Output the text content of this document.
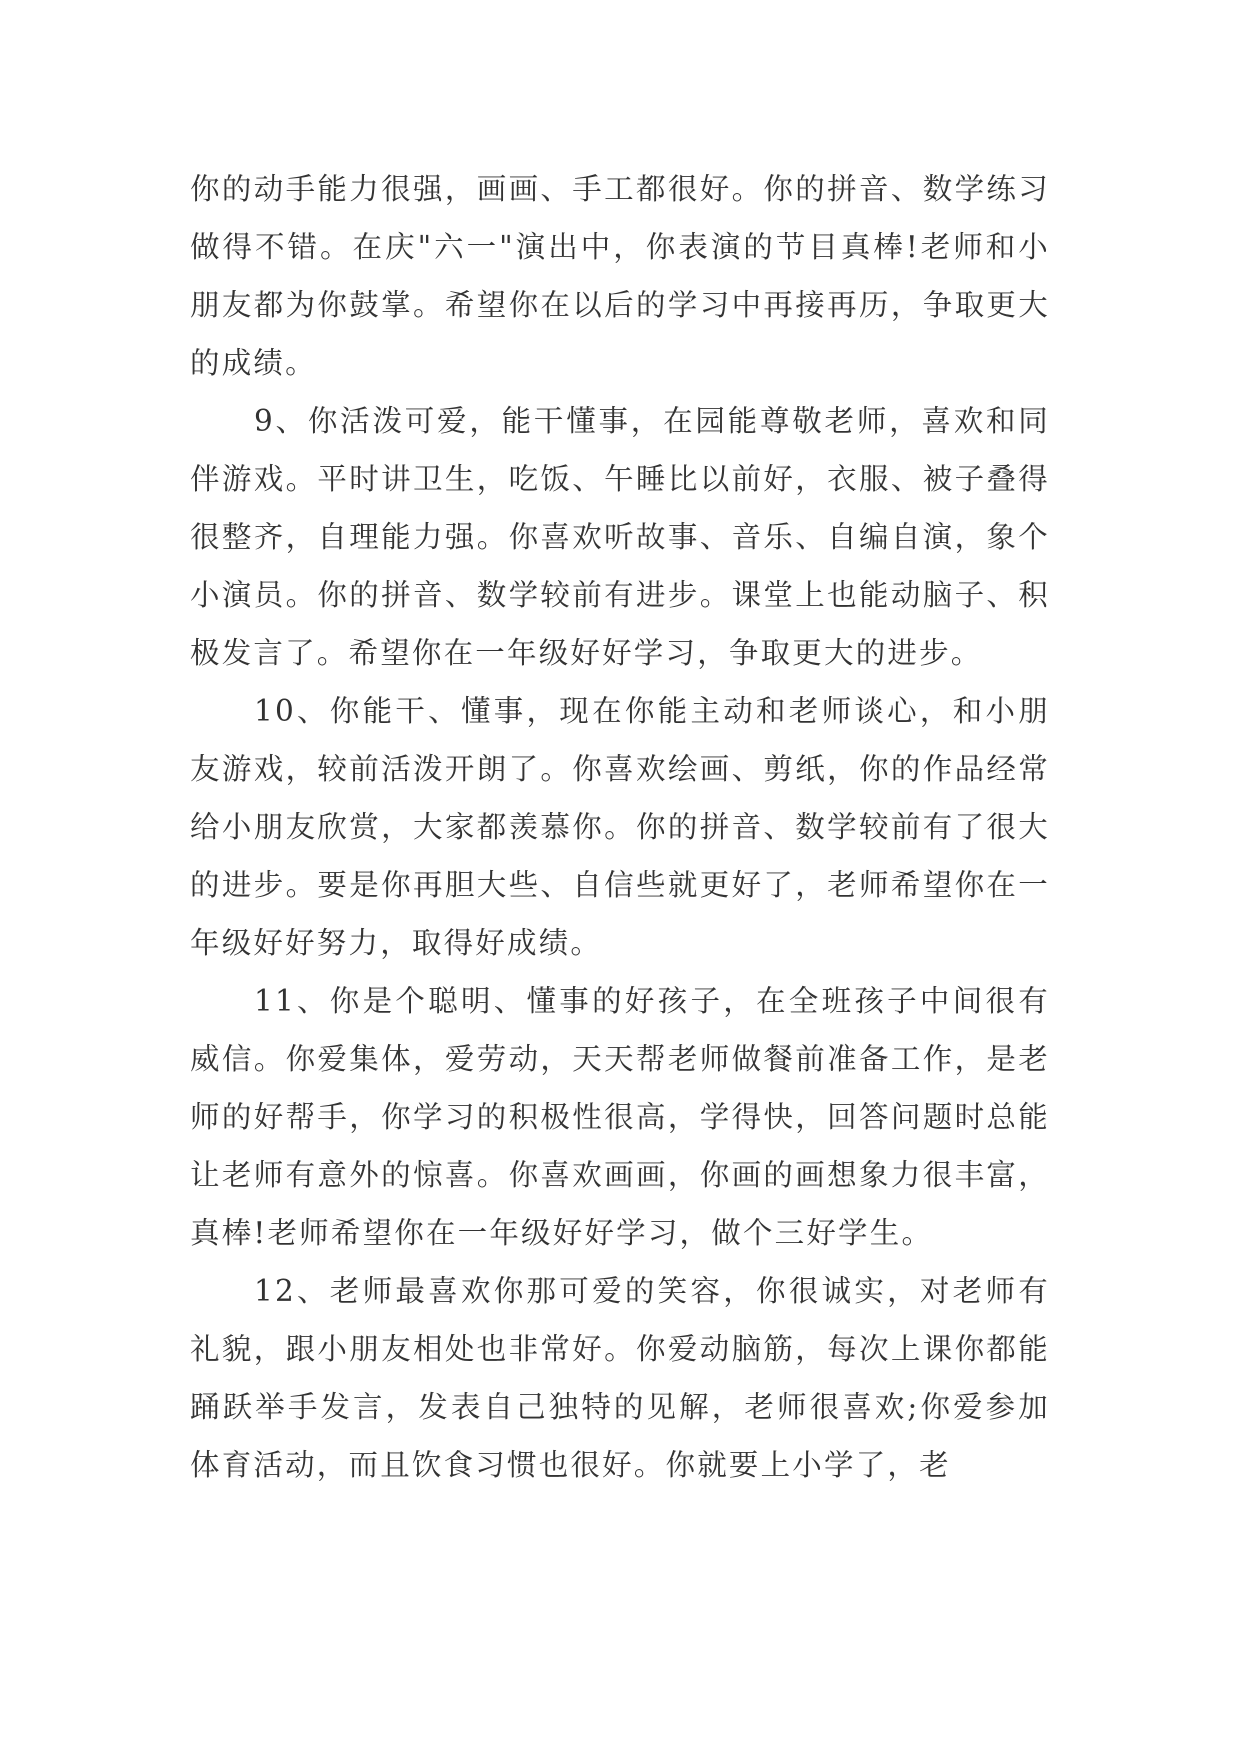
你的动手能力很强，画画、手工都很好。你的拼音、数学练习做得不错。在庆"六一"演出中，你表演的节目真棒!老师和小朋友都为你鼓掌。希望你在以后的学习中再接再历，争取更大的成绩。

9、你活泼可爱，能干懂事，在园能尊敬老师，喜欢和同伴游戏。平时讲卫生，吃饭、午睡比以前好，衣服、被子叠得很整齐，自理能力强。你喜欢听故事、音乐、自编自演，象个小演员。你的拼音、数学较前有进步。课堂上也能动脑子、积极发言了。希望你在一年级好好学习，争取更大的进步。

10、你能干、懂事，现在你能主动和老师谈心，和小朋友游戏，较前活泼开朗了。你喜欢绘画、剪纸，你的作品经常给小朋友欣赏，大家都羡慕你。你的拼音、数学较前有了很大的进步。要是你再胆大些、自信些就更好了，老师希望你在一年级好好努力，取得好成绩。

11、你是个聪明、懂事的好孩子，在全班孩子中间很有威信。你爱集体，爱劳动，天天帮老师做餐前准备工作，是老师的好帮手，你学习的积极性很高，学得快，回答问题时总能让老师有意外的惊喜。你喜欢画画，你画的画想象力很丰富，真棒!老师希望你在一年级好好学习，做个三好学生。

12、老师最喜欢你那可爱的笑容，你很诚实，对老师有礼貌，跟小朋友相处也非常好。你爱动脑筋，每次上课你都能踊跃举手发言，发表自己独特的见解，老师很喜欢;你爱参加体育活动，而且饮食习惯也很好。你就要上小学了，老
